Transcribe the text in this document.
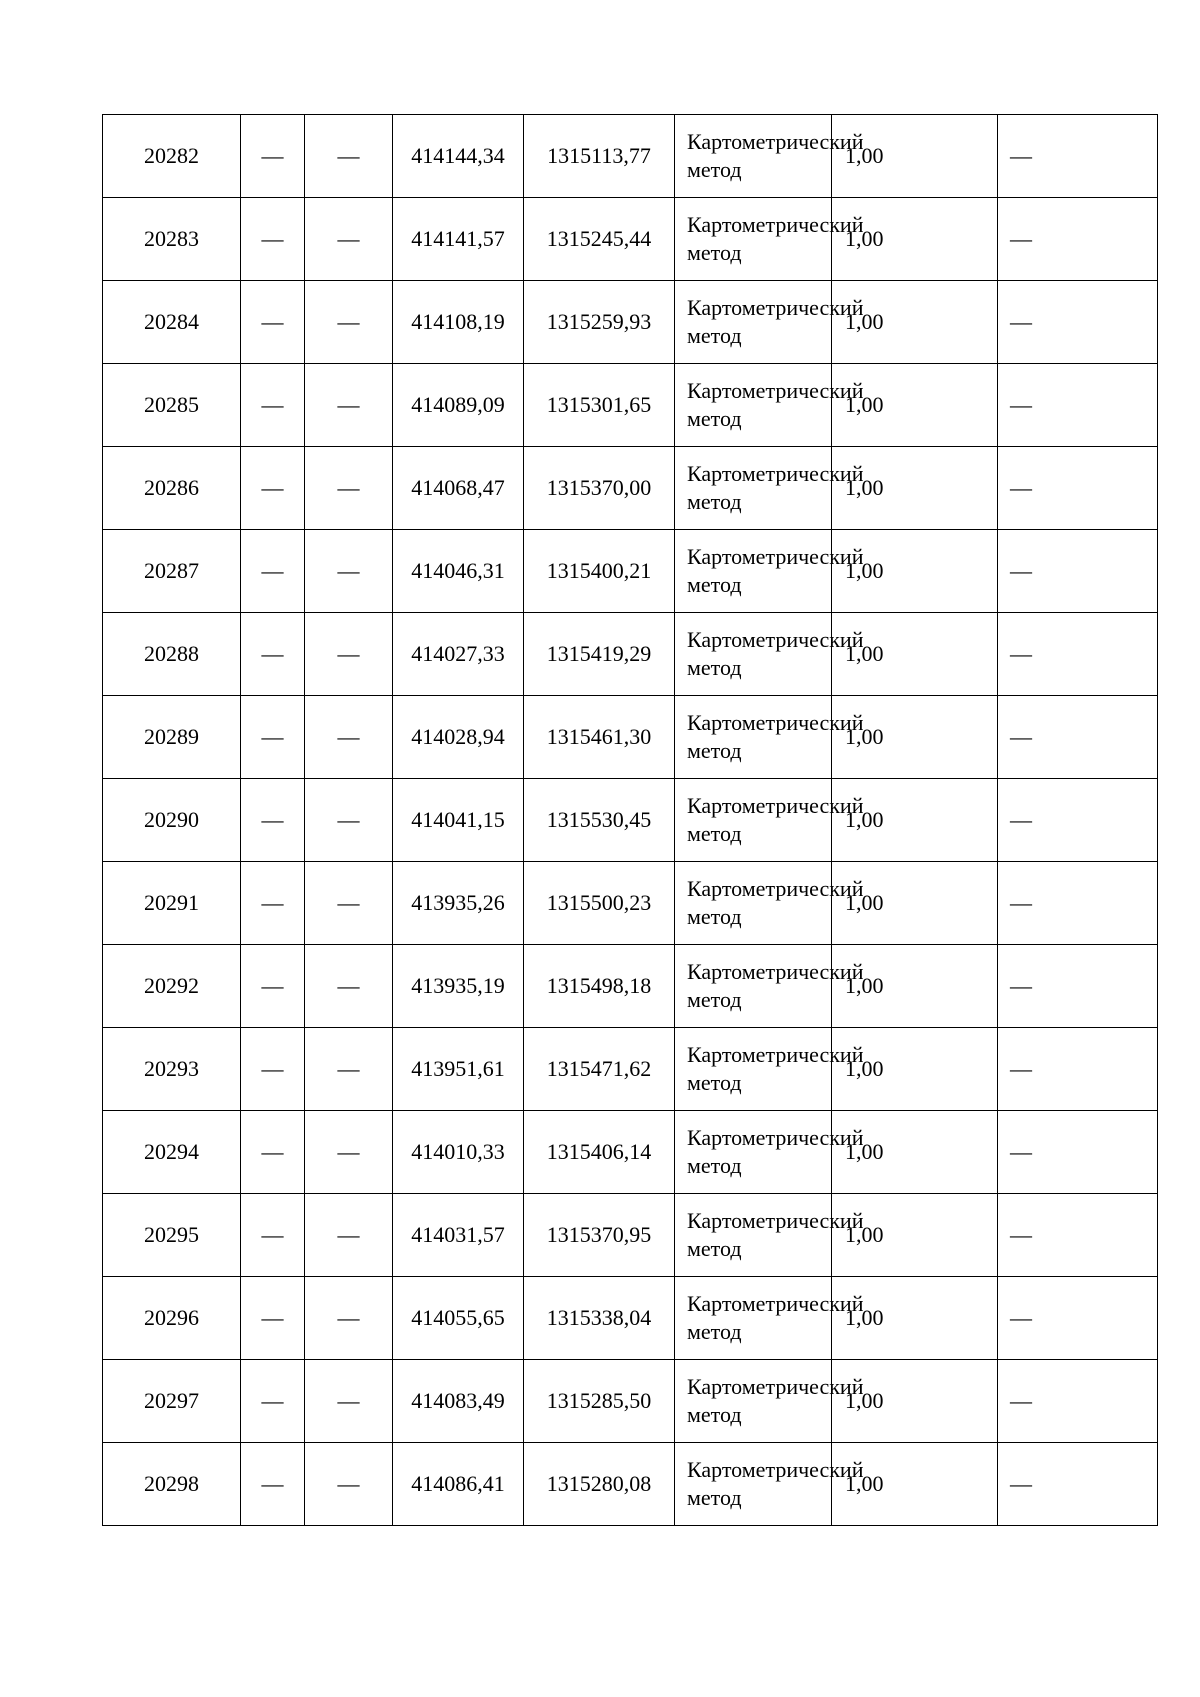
20282	—	—	414144,34	1315113,77	Картометрический метод	1,00	—
20283	—	—	414141,57	1315245,44	Картометрический метод	1,00	—
20284	—	—	414108,19	1315259,93	Картометрический метод	1,00	—
20285	—	—	414089,09	1315301,65	Картометрический метод	1,00	—
20286	—	—	414068,47	1315370,00	Картометрический метод	1,00	—
20287	—	—	414046,31	1315400,21	Картометрический метод	1,00	—
20288	—	—	414027,33	1315419,29	Картометрический метод	1,00	—
20289	—	—	414028,94	1315461,30	Картометрический метод	1,00	—
20290	—	—	414041,15	1315530,45	Картометрический метод	1,00	—
20291	—	—	413935,26	1315500,23	Картометрический метод	1,00	—
20292	—	—	413935,19	1315498,18	Картометрический метод	1,00	—
20293	—	—	413951,61	1315471,62	Картометрический метод	1,00	—
20294	—	—	414010,33	1315406,14	Картометрический метод	1,00	—
20295	—	—	414031,57	1315370,95	Картометрический метод	1,00	—
20296	—	—	414055,65	1315338,04	Картометрический метод	1,00	—
20297	—	—	414083,49	1315285,50	Картометрический метод	1,00	—
20298	—	—	414086,41	1315280,08	Картометрический метод	1,00	—
